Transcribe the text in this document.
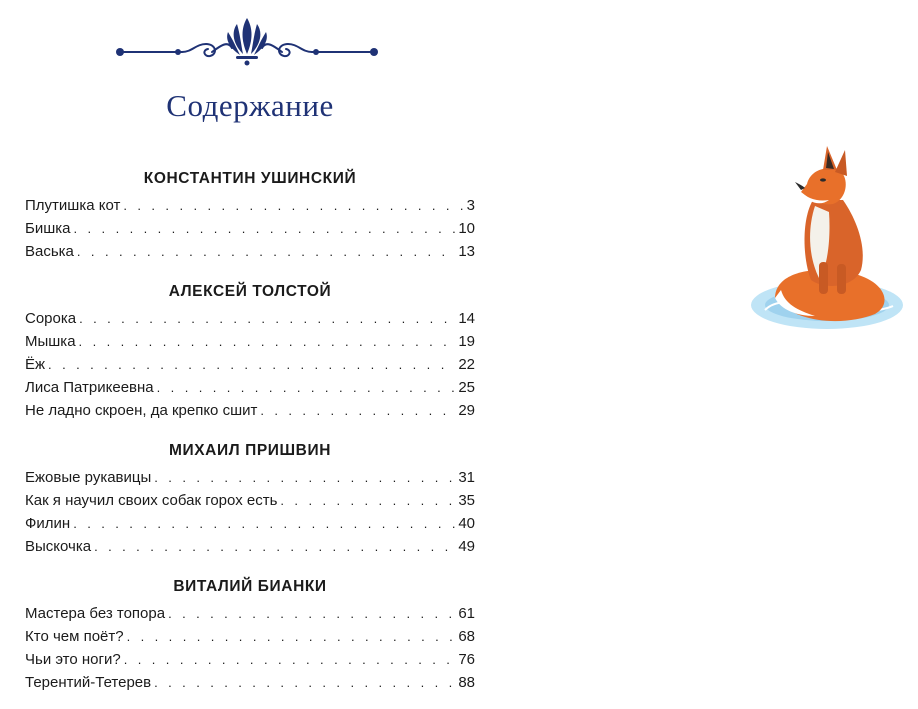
Содержание
КОНСТАНТИН УШИНСКИЙ
Плутишка кот . . .	3
Бишка . . .	10
Васька . . .	13
АЛЕКСЕЙ ТОЛСТОЙ
Сорока . . .	14
Мышка . . .	19
Ёж . . .	22
Лиса Патрикеевна . . .	25
Не ладно скроен, да крепко сшит . . .	29
МИХАИЛ ПРИШВИН
Ежовые рукавицы . . .	31
Как я научил своих собак горох есть . . .	35
Филин . . .	40
Выскочка . . .	49
ВИТАЛИЙ БИАНКИ
Мастера без топора . . .	61
Кто чем поёт? . . .	68
Чьи это ноги? . . .	76
Терентий-Тетерев . . .	88
